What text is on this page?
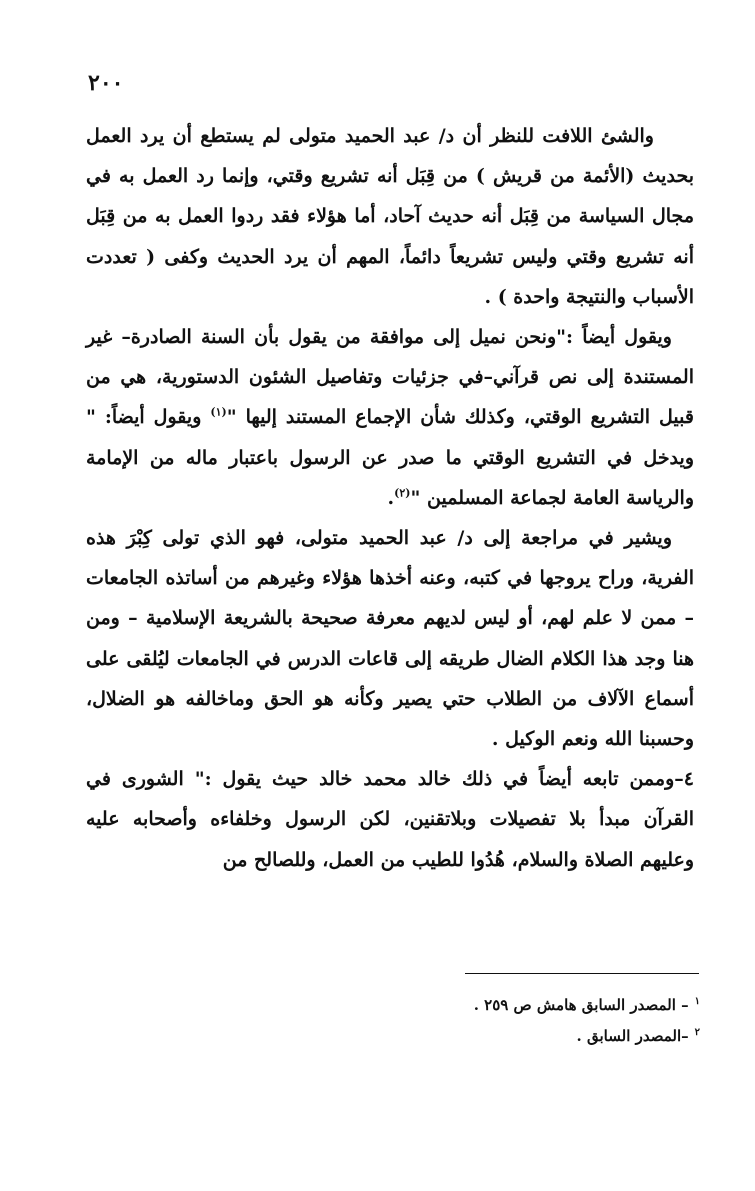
٢٠٠

والشئ اللافت للنظر أن د/ عبد الحميد متولى لم يستطع أن يرد العمل بحديث (الأئمة من قريش ) من قِبَل أنه تشريع وقتي، وإنما رد العمل به في مجال السياسة من قِبَل أنه حديث آحاد، أما هؤلاء فقد ردوا العمل به من قِبَل أنه تشريع وقتي وليس تشريعاً دائماً، المهم أن يرد الحديث وكفى ( تعددت الأسباب والنتيجة واحدة ) .

ويقول أيضاً :"ونحن نميل إلى موافقة من يقول بأن السنة الصادرة– غير المستندة إلى نص قرآني–في جزئيات وتفاصيل الشئون الدستورية، هي من قبيل التشريع الوقتي، وكذلك شأن الإجماع المستند إليها "$^{(١)}$ ويقول أيضاً: " ويدخل في التشريع الوقتي ما صدر عن الرسول باعتبار ماله من الإمامة والرياسة العامة لجماعة المسلمين "$^{(٢)}$.

ويشير في مراجعة إلى د/ عبد الحميد متولى، فهو الذي تولى كِبْرَ هذه الفرية، وراح يروجها في كتبه، وعنه أخذها هؤلاء وغيرهم من أساتذه الجامعات – ممن لا علم لهم، أو ليس لديهم معرفة صحيحة بالشريعة الإسلامية – ومن هنا وجد هذا الكلام الضال طريقه إلى قاعات الدرس في الجامعات ليُلقى على أسماع الآلاف من الطلاب حتي يصير وكأنه هو الحق وماخالفه هو الضلال، وحسبنا الله ونعم الوكيل .

٤–وممن تابعه أيضاً في ذلك خالد محمد خالد حيث يقول :" الشورى في القرآن مبدأ بلا تفصيلات وبلاتقنين، لكن الرسول وخلفاءه وأصحابه عليه وعليهم الصلاة والسلام، هُدُوا للطيب من العمل، وللصالح من

$^١$– المصدر السابق هامش ص ٢٥٩ .

$^٢$–المصدر السابق .
